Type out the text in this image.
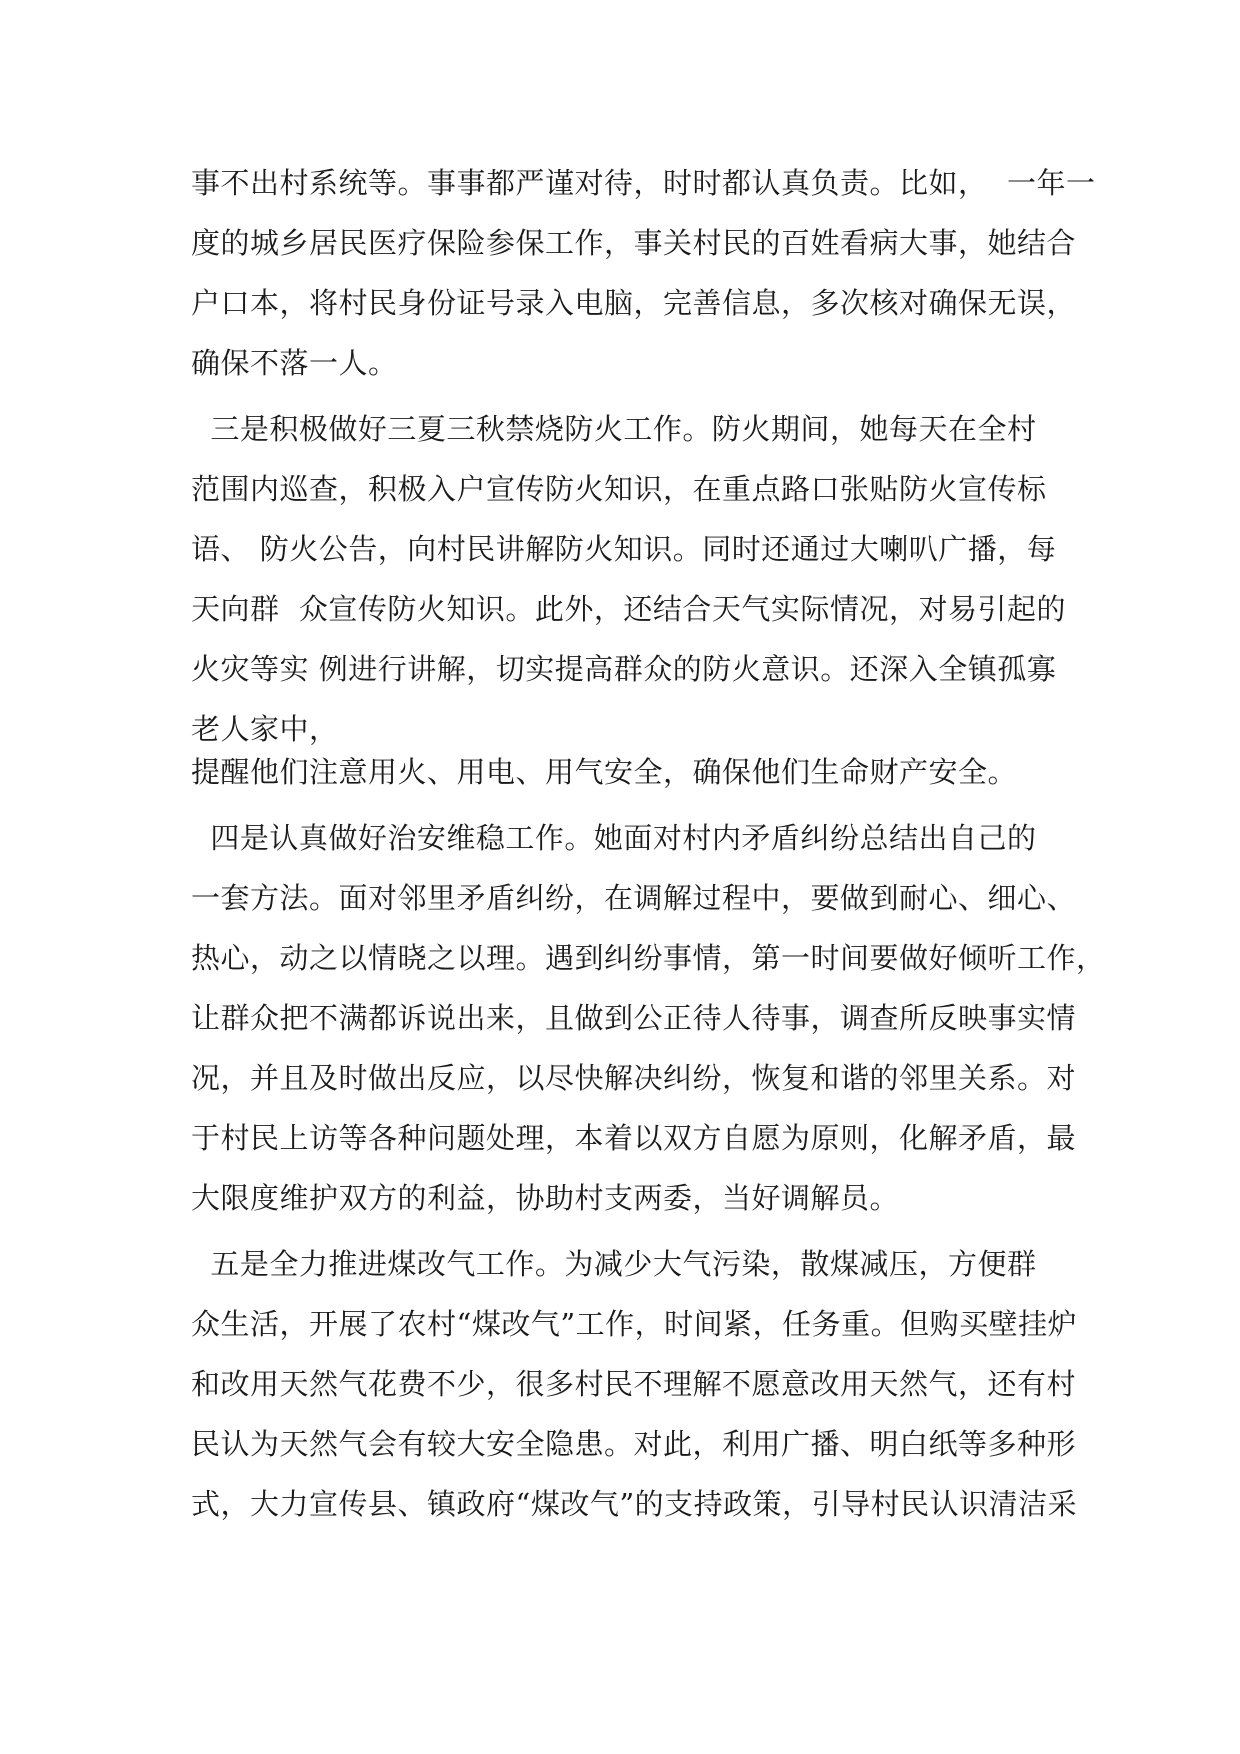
事不出村系统等。事事都严谨对待，时时都认真负责。比如，  一年一
度的城乡居民医疗保险参保工作，事关村民的百姓看病大事，她结合
户口本，将村民身份证号录入电脑，完善信息，多次核对确保无误，
确保不落一人。
三是积极做好三夏三秋禁烧防火工作。防火期间，她每天在全村
范围内巡查，积极入户宣传防火知识，在重点路口张贴防火宣传标
语、 防火公告，向村民讲解防火知识。同时还通过大喇叭广播，每
天向群  众宣传防火知识。此外，还结合天气实际情况，对易引起的
火灾等实 例进行讲解，切实提高群众的防火意识。还深入全镇孤寡
老人家中，
提醒他们注意用火、用电、用气安全，确保他们生命财产安全。
四是认真做好治安维稳工作。她面对村内矛盾纠纷总结出自己的
一套方法。面对邻里矛盾纠纷，在调解过程中，要做到耐心、细心、
热心，动之以情晓之以理。遇到纠纷事情，第一时间要做好倾听工作，
让群众把不满都诉说出来，且做到公正待人待事，调查所反映事实情
况，并且及时做出反应，以尽快解决纠纷，恢复和谐的邻里关系。对
于村民上访等各种问题处理，本着以双方自愿为原则，化解矛盾，最
大限度维护双方的利益，协助村支两委，当好调解员。
五是全力推进煤改气工作。为减少大气污染，散煤减压，方便群
众生活，开展了农村“煤改气”工作，时间紧，任务重。但购买壁挂炉
和改用天然气花费不少，很多村民不理解不愿意改用天然气，还有村
民认为天然气会有较大安全隐患。对此，利用广播、明白纸等多种形
式，大力宣传县、镇政府“煤改气”的支持政策，引导村民认识清洁采
